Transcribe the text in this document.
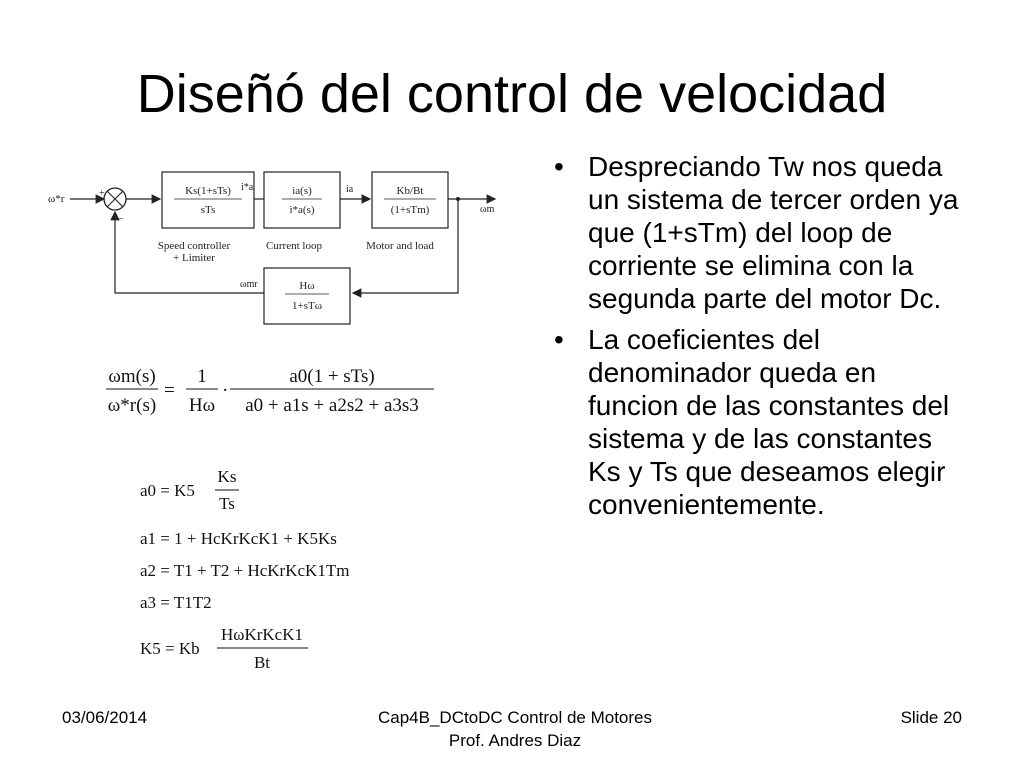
Diseñó del control de velocidad
ω*r	+
−
Ks(1+sTs)
sTs
Speed controller
+ Limiter
i*a	ia(s)
i*a(s)
Current loop
ia	Kb/Bt
(1+sTm)
Motor and load
ωm
Hω
1+sTω
ωmr
ωm(s)
ω*r(s)
=
1
Hω
·
a0(1 + sTs)
a0 + a1s + a2s2 + a3s3
a0 = K5
Ks
Ts
a1 = 1 + HcKrKcK1 + K5Ks
a2 = T1 + T2 + HcKrKcK1Tm
a3 = T1T2
K5 = Kb
HωKrKcK1
Bt
• Despreciando Tw nos queda un sistema de tercer orden ya que (1+sTm) del loop de corriente se elimina con la segunda parte del motor Dc.
• La coeficientes del denominador queda en funcion de las constantes del sistema y de las constantes Ks y Ts que deseamos elegir convenientemente.
03/06/2014	Cap4B_DCtoDC Control de Motores Prof. Andres Diaz
Slide 20
